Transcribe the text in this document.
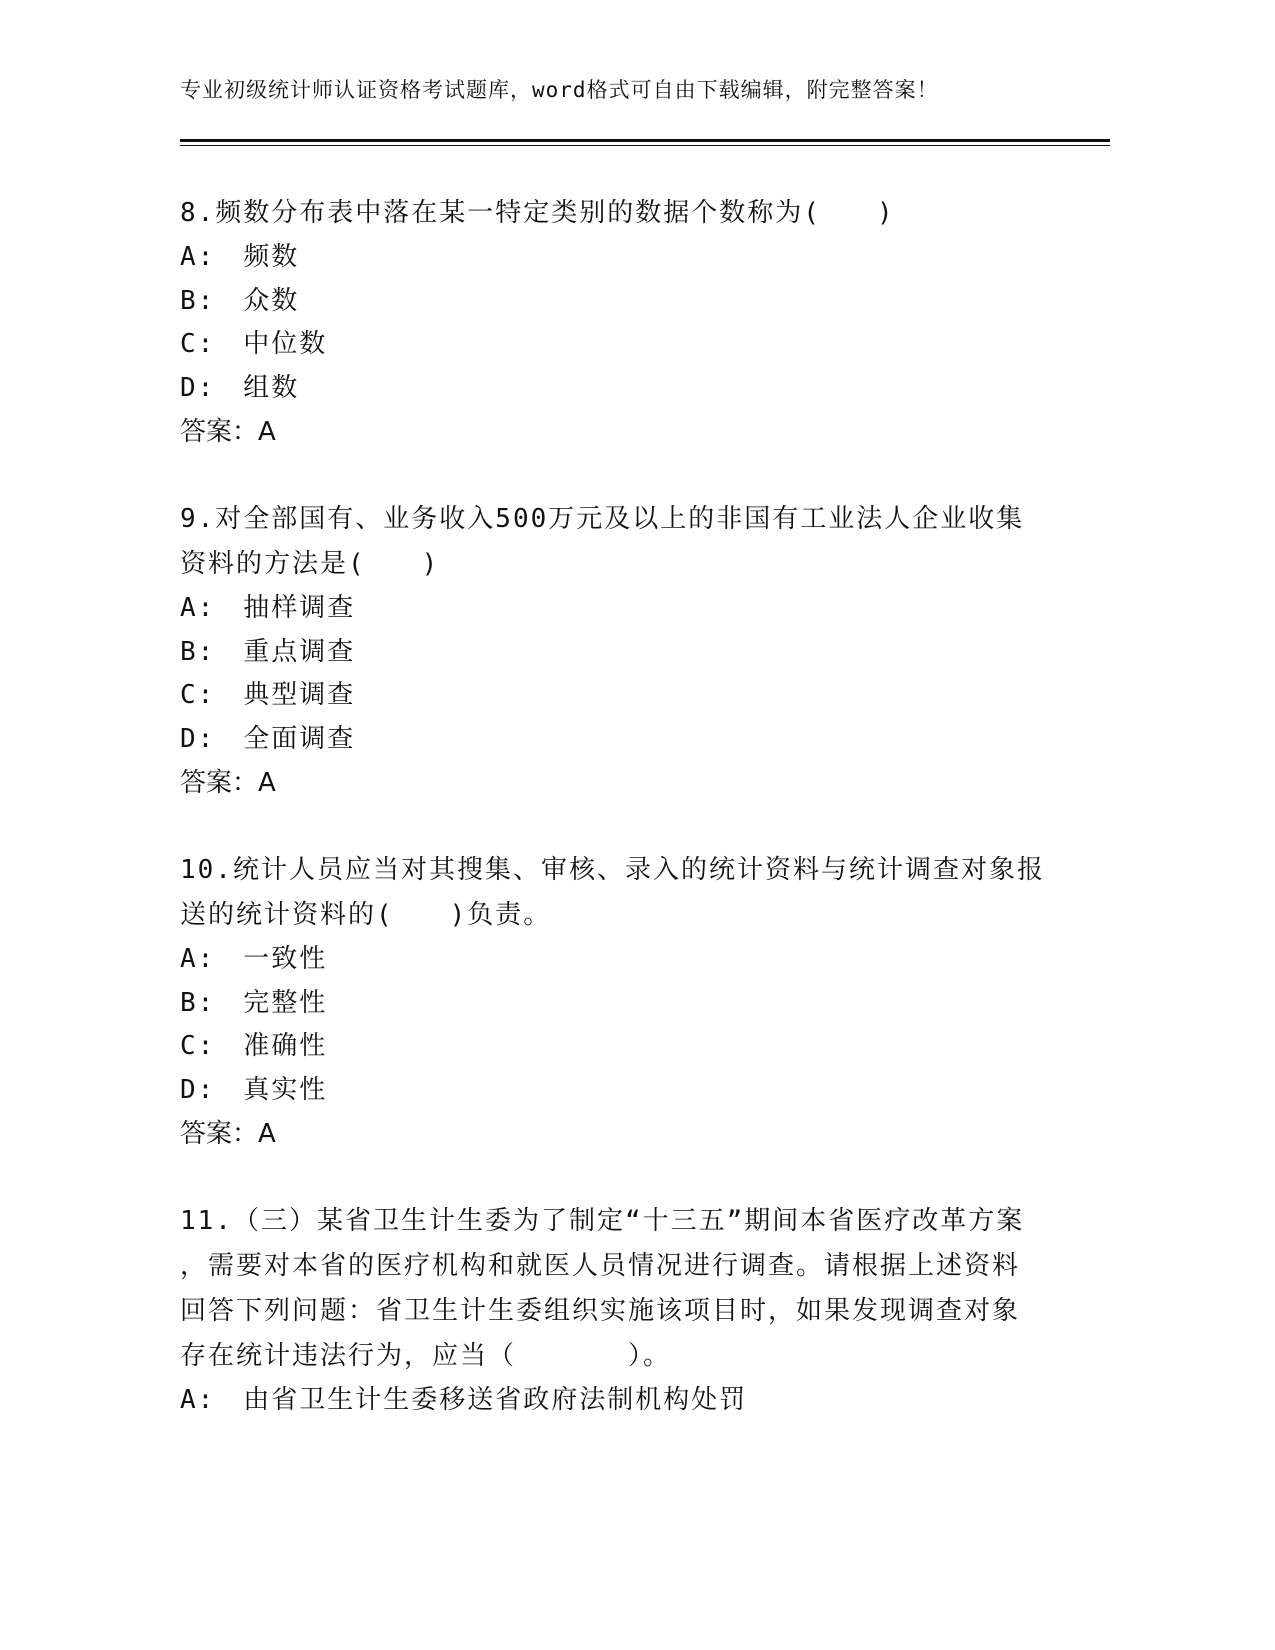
专业初级统计师认证资格考试题库，word格式可自由下载编辑，附完整答案！
8.频数分布表中落在某一特定类别的数据个数称为(　　)
A:　频数
B:　众数
C:　中位数
D:　组数
答案：A
9.对全部国有、业务收入500万元及以上的非国有工业法人企业收集
资料的方法是(　　)
A:　抽样调查
B:　重点调查
C:　典型调查
D:　全面调查
答案：A
10.统计人员应当对其搜集、审核、录入的统计资料与统计调查对象报
送的统计资料的(　　)负责。
A:　一致性
B:　完整性
C:　准确性
D:　真实性
答案：A
11.（三）某省卫生计生委为了制定“十三五”期间本省医疗改革方案
，需要对本省的医疗机构和就医人员情况进行调查。请根据上述资料
回答下列问题：省卫生计生委组织实施该项目时，如果发现调查对象
存在统计违法行为，应当（　　　　）。
A:　由省卫生计生委移送省政府法制机构处罚
